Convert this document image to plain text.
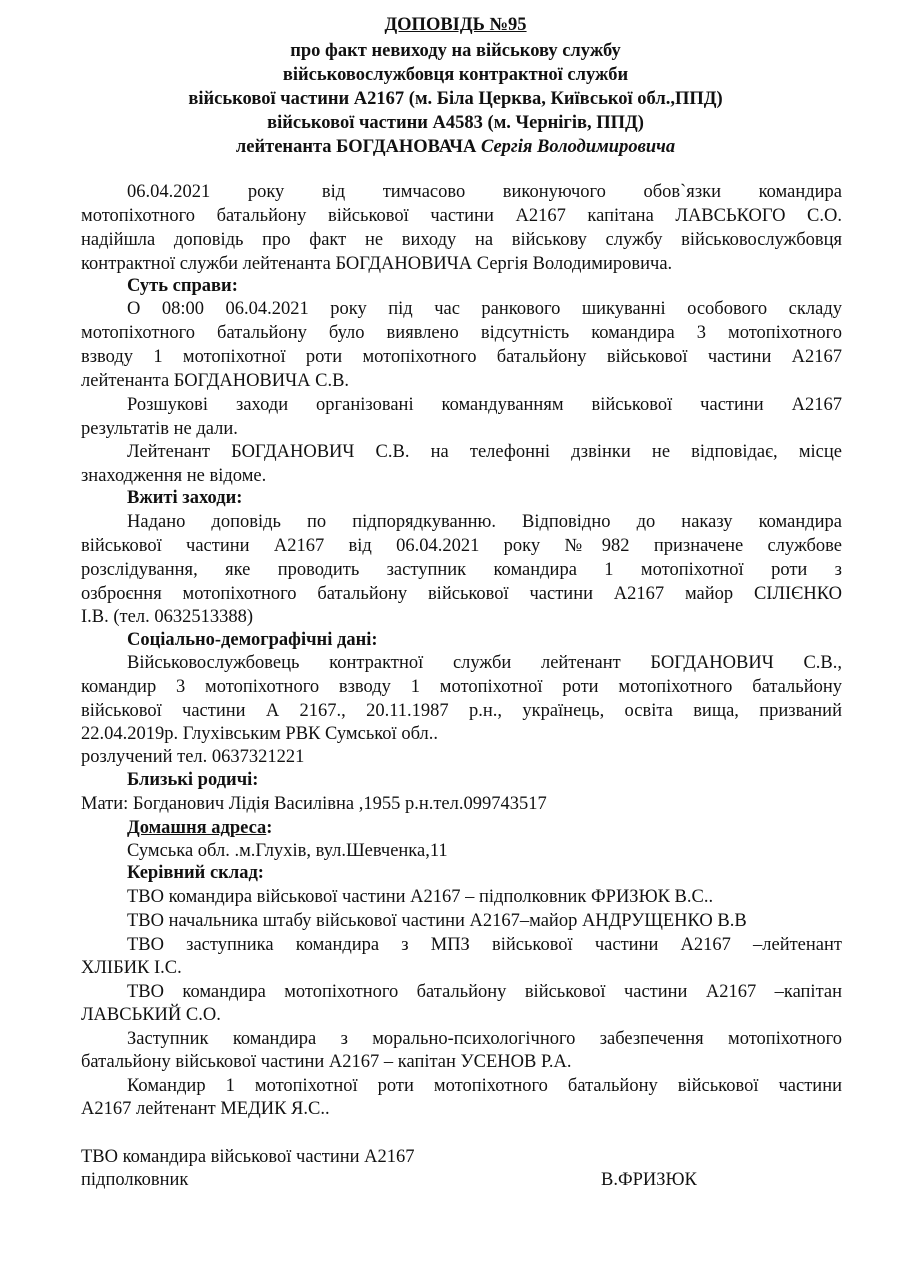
ДОПОВІДЬ №95
про факт невиходу на військову службу
військовослужбовця контрактної служби
військової частини А2167 (м. Біла Церква, Київської обл.,ППД)
військової частини А4583 (м. Чернігів, ППД)
лейтенанта БОГДАНОВАЧА Сергія Володимировича
06.04.2021 року від тимчасово виконуючого обов`язки командира
мотопіхотного батальйону військової частини А2167 капітана ЛАВСЬКОГО С.О.
надійшла доповідь про факт не виходу на військову службу військовослужбовця
контрактної служби лейтенанта БОГДАНОВИЧА Сергія Володимировича.
Суть справи:
О 08:00 06.04.2021 року під час ранкового шикуванні особового складу
мотопіхотного батальйону було виявлено відсутність командира 3 мотопіхотного
взводу 1 мотопіхотної роти мотопіхотного батальйону військової частини А2167
лейтенанта БОГДАНОВИЧА С.В.
Розшукові заходи організовані командуванням військової частини А2167
результатів не дали.
Лейтенант БОГДАНОВИЧ С.В. на телефонні дзвінки не відповідає, місце
знаходження не відоме.
Вжиті заходи:
Надано доповідь по підпорядкуванню. Відповідно до наказу командира
військової частини А2167 від 06.04.2021 року №982 призначене службове
розслідування, яке проводить заступник командира 1 мотопіхотної роти з
озброєння мотопіхотного батальйону військової частини А2167 майор СІЛІЄНКО
І.В. (тел. 0632513388)
Соціально-демографічні дані:
Військовослужбовець контрактної служби лейтенант БОГДАНОВИЧ С.В.,
командир 3 мотопіхотного взводу 1 мотопіхотної роти мотопіхотного батальйону
військової частини А 2167., 20.11.1987 р.н., українець, освіта вища, призваний
22.04.2019р. Глухівським РВК Сумської обл..
розлучений тел. 0637321221
Близькі родичі:
Мати: Богданович Лідія Василівна ,1955 р.н.тел.099743517
Домашня адреса:
Сумська обл. .м.Глухів, вул.Шевченка,11
Керівний склад:
ТВО командира військової частини А2167 – підполковник ФРИЗЮК В.С..
ТВО начальника штабу військової частини А2167–майор АНДРУЩЕНКО В.В
ТВО заступника командира з МПЗ військової частини А2167 –лейтенант
ХЛІБИК І.С.
ТВО командира мотопіхотного батальйону військової частини А2167 –капітан
ЛАВСЬКИЙ С.О.
Заступник командира з морально-психологічного забезпечення мотопіхотного
батальйону військової частини А2167 – капітан УСЕНОВ Р.А.
Командир 1 мотопіхотної роти мотопіхотного батальйону військової частини
А2167 лейтенант МЕДИК Я.С..
ТВО командира військової частини А2167
підполковник	В.ФРИЗЮК
